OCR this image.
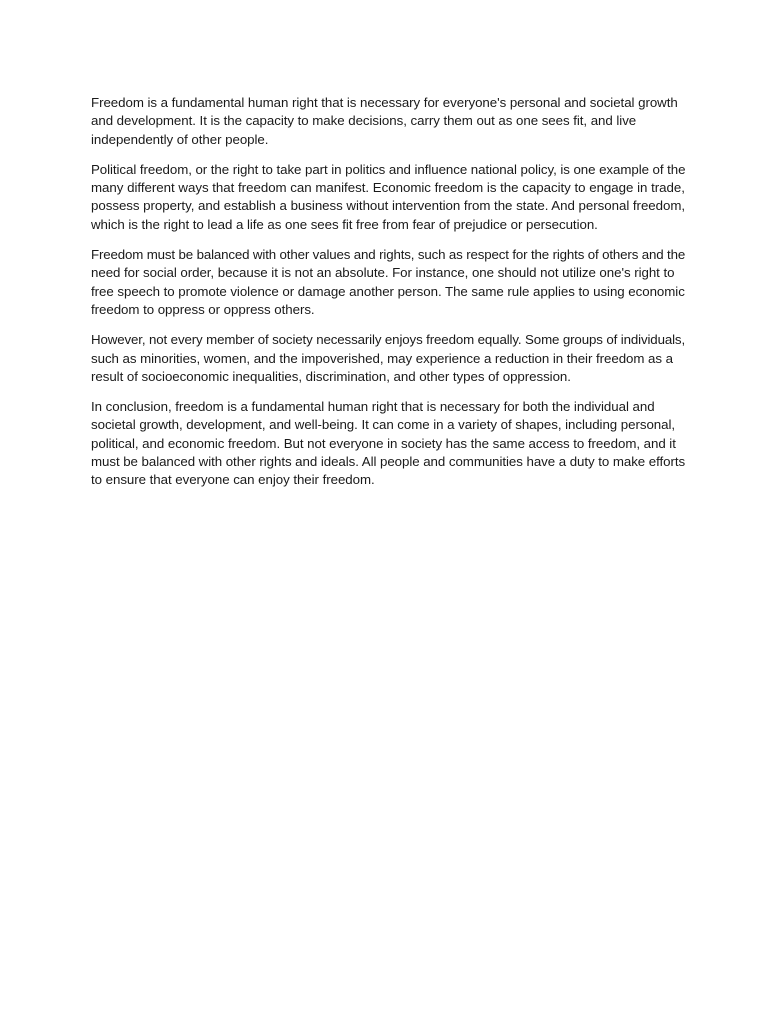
Freedom is a fundamental human right that is necessary for everyone's personal and societal growth
and development. It is the capacity to make decisions, carry them out as one sees fit, and live
independently of other people.

Political freedom, or the right to take part in politics and influence national policy, is one example of the
many different ways that freedom can manifest. Economic freedom is the capacity to engage in trade,
possess property, and establish a business without intervention from the state. And personal freedom,
which is the right to lead a life as one sees fit free from fear of prejudice or persecution.

Freedom must be balanced with other values and rights, such as respect for the rights of others and the
need for social order, because it is not an absolute. For instance, one should not utilize one's right to
free speech to promote violence or damage another person. The same rule applies to using economic
freedom to oppress or oppress others.

However, not every member of society necessarily enjoys freedom equally. Some groups of individuals,
such as minorities, women, and the impoverished, may experience a reduction in their freedom as a
result of socioeconomic inequalities, discrimination, and other types of oppression.

In conclusion, freedom is a fundamental human right that is necessary for both the individual and
societal growth, development, and well-being. It can come in a variety of shapes, including personal,
political, and economic freedom. But not everyone in society has the same access to freedom, and it
must be balanced with other rights and ideals. All people and communities have a duty to make efforts
to ensure that everyone can enjoy their freedom.
